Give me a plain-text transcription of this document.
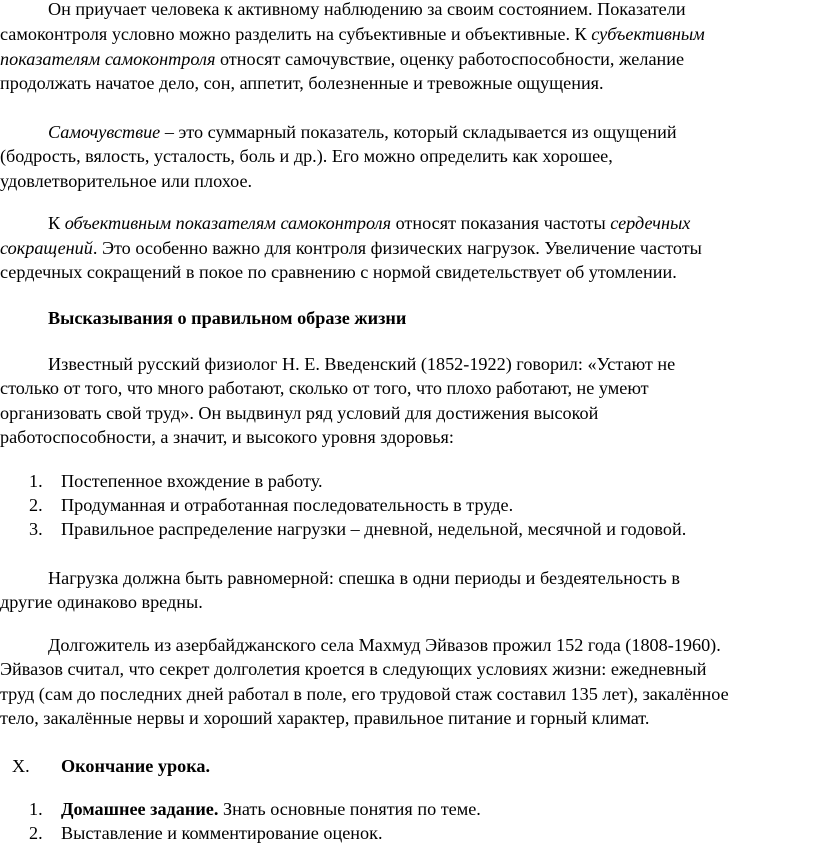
Он приучает человека к активному наблюдению за своим состоянием. Показатели

самоконтроля условно можно разделить на субъективные и объективные. К субъективным

показателям самоконтроля относят самочувствие, оценку работоспособности, желание

продолжать начатое дело, сон, аппетит, болезненные и тревожные ощущения.

Самочувствие – это суммарный показатель, который складывается из ощущений

(бодрость, вялость, усталость, боль и др.). Его можно определить как хорошее,

удовлетворительное или плохое.

К объективным показателям самоконтроля относят показания частоты сердечных

сокращений. Это особенно важно для контроля физических нагрузок. Увеличение частоты

сердечных сокращений в покое по сравнению с нормой свидетельствует об утомлении.

Высказывания о правильном образе жизни

Известный русский физиолог Н. Е. Введенский (1852-1922) говорил: «Устают не

столько от того, что много работают, сколько от того, что плохо работают, не умеют

организовать свой труд». Он выдвинул ряд условий для достижения высокой

работоспособности, а значит, и высокого уровня здоровья:

1. Постепенное вхождение в работу.
2. Продуманная и отработанная последовательность в труде.
3. Правильное распределение нагрузки – дневной, недельной, месячной и годовой.

Нагрузка должна быть равномерной: спешка в одни периоды и бездеятельность в

другие одинаково вредны.

Долгожитель из азербайджанского села Махмуд Эйвазов прожил 152 года (1808-1960).

Эйвазов считал, что секрет долголетия кроется в следующих условиях жизни: ежедневный

труд (сам до последних дней работал в поле, его трудовой стаж составил 135 лет), закалённое

тело, закалённые нервы и хороший характер, правильное питание и горный климат.

X. Окончание урока.
1. Домашнее задание. Знать основные понятия по теме.
2. Выставление и комментирование оценок.
